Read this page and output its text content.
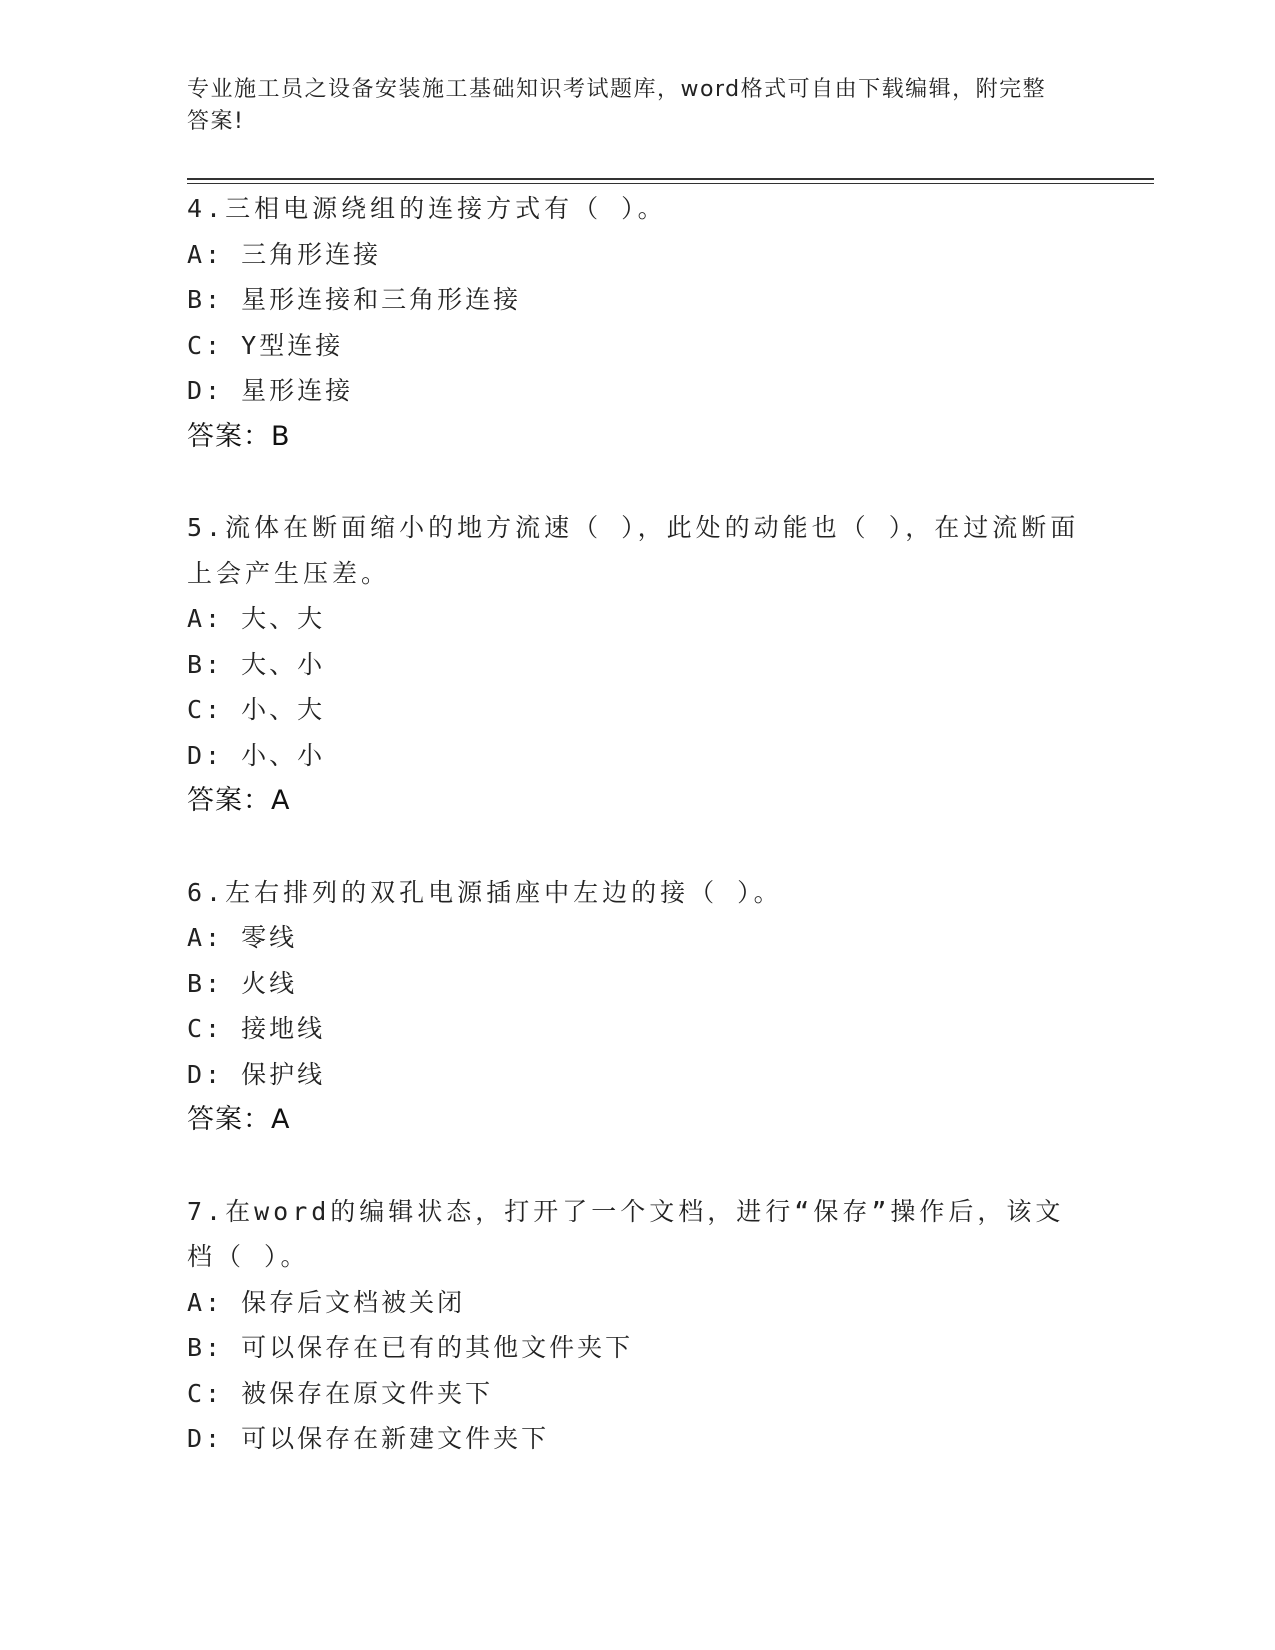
专业施工员之设备安装施工基础知识考试题库，word格式可自由下载编辑，附完整答案!
4.三相电源绕组的连接方式有（ ）。
A: 三角形连接
B: 星形连接和三角形连接
C: Y型连接
D: 星形连接
答案：B
5.流体在断面缩小的地方流速（ ），此处的动能也（ ），在过流断面上会产生压差。
A: 大、大
B: 大、小
C: 小、大
D: 小、小
答案：A
6.左右排列的双孔电源插座中左边的接（ ）。
A: 零线
B: 火线
C: 接地线
D: 保护线
答案：A
7.在word的编辑状态，打开了一个文档，进行“保存”操作后，该文档（ ）。
A: 保存后文档被关闭
B: 可以保存在已有的其他文件夹下
C: 被保存在原文件夹下
D: 可以保存在新建文件夹下
